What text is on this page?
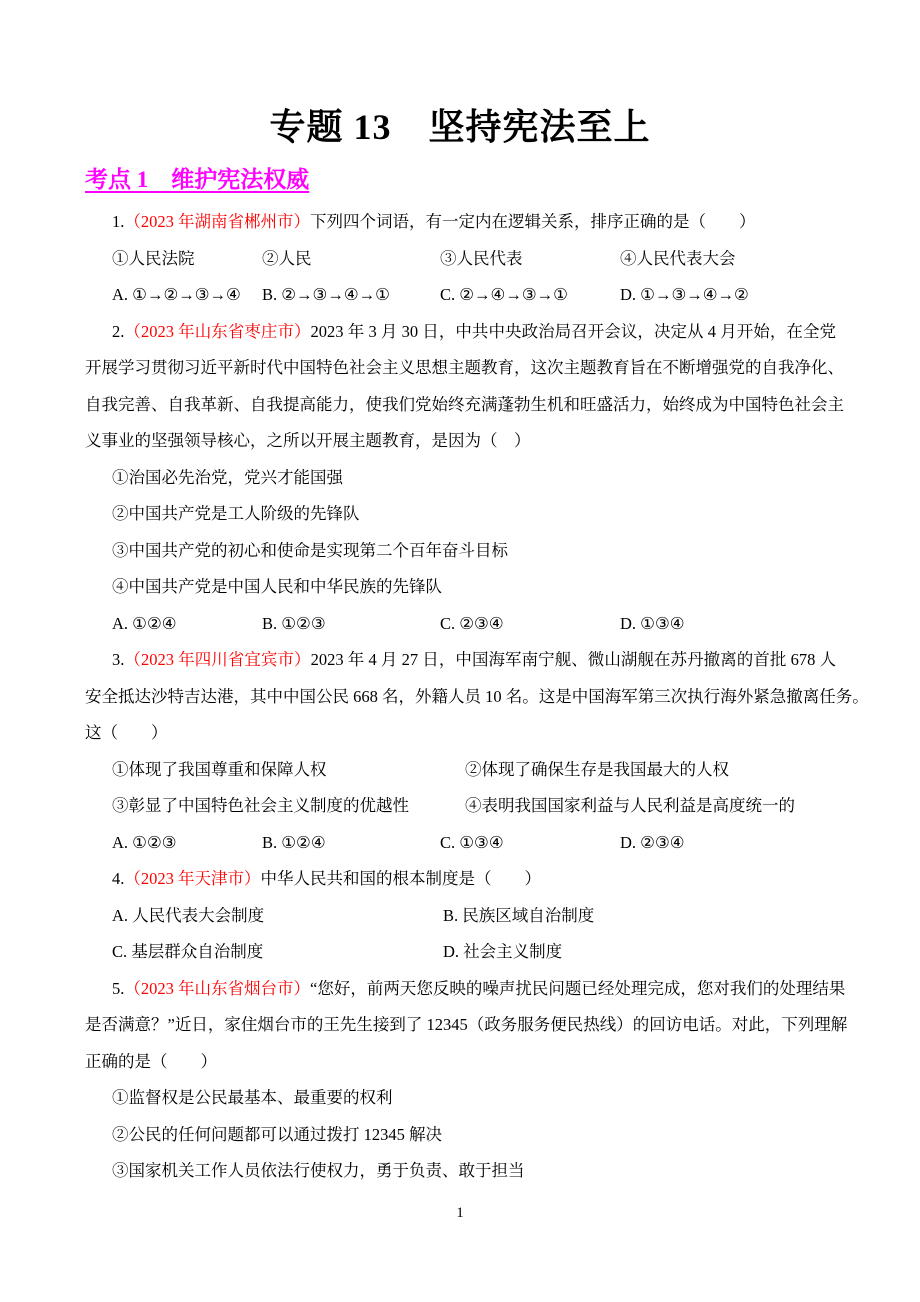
专题 13　坚持宪法至上
考点 1　维护宪法权威
1.（2023 年湖南省郴州市）下列四个词语，有一定内在逻辑关系，排序正确的是（　　）
①人民法院	②人民	③人民代表	④人民代表大会
A. ①→②→③→④ B. ②→③→④→①	C. ②→④→③→①	D. ①→③→④→②
2.（2023 年山东省枣庄市）2023 年 3 月 30 日，中共中央政治局召开会议，决定从 4 月开始，在全党
开展学习贯彻习近平新时代中国特色社会主义思想主题教育，这次主题教育旨在不断增强党的自我净化、
自我完善、自我革新、自我提高能力，使我们党始终充满蓬勃生机和旺盛活力，始终成为中国特色社会主
义事业的坚强领导核心，之所以开展主题教育，是因为（　）
①治国必先治党，党兴才能国强
②中国共产党是工人阶级的先锋队
③中国共产党的初心和使命是实现第二个百年奋斗目标
④中国共产党是中国人民和中华民族的先锋队
A. ①②④	B. ①②③	C. ②③④	D. ①③④
3.（2023 年四川省宜宾市）2023 年 4 月 27 日，中国海军南宁舰、微山湖舰在苏丹撤离的首批 678 人
安全抵达沙特吉达港，其中中国公民 668 名，外籍人员 10 名。这是中国海军第三次执行海外紧急撤离任务。
这（　　）
①体现了我国尊重和保障人权	②体现了确保生存是我国最大的人权
③彰显了中国特色社会主义制度的优越性	④表明我国国家利益与人民利益是高度统一的
A. ①②③	B. ①②④	C. ①③④	D. ②③④
4.（2023 年天津市）中华人民共和国的根本制度是（　　）
A. 人民代表大会制度	B. 民族区域自治制度
C. 基层群众自治制度	D. 社会主义制度
5.（2023 年山东省烟台市）“您好，前两天您反映的噪声扰民问题已经处理完成，您对我们的处理结果
是否满意？”近日，家住烟台市的王先生接到了 12345（政务服务便民热线）的回访电话。对此，下列理解
正确的是（　　）
①监督权是公民最基本、最重要的权利
②公民的任何问题都可以通过拨打 12345 解决
③国家机关工作人员依法行使权力，勇于负责、敢于担当
1
